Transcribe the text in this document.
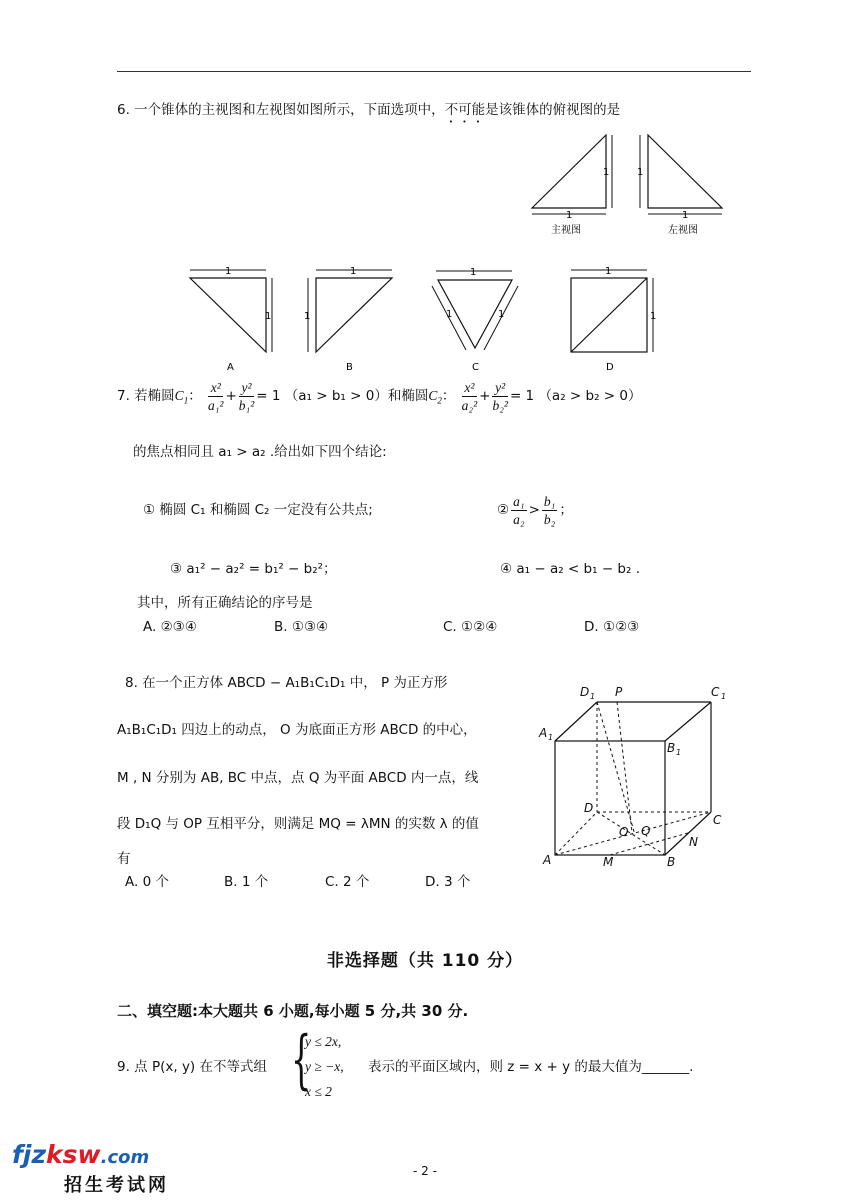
6. 一个锥体的主视图和左视图如图所示，下面选项中，不可能是该锥体的俯视图的是
1
1
主视图
1
1
左视图
1
1
A
1
1
B
1
1	1
C
1
1
D
7. 若椭圆$C_1$： $\frac{\text{x²}}{\text{a₁²}} + \frac{\text{y²}}{\text{b₁²}} = 1$ （a₁ > b₁ > 0）和椭圆$C_2$： $\frac{\text{x²}}{\text{a₂²}} + \frac{\text{y²}}{\text{b₂²}} = 1$ （a₂ > b₂ > 0）
的焦点相同且 a₁ > a₂ .给出如下四个结论:
① 椭圆 C₁ 和椭圆 C₂ 一定没有公共点;	② $\frac{\text{a₁}}{\text{a₂}} > \frac{\text{b₁}}{\text{b₂}}$ ；
③ a₁² − a₂² = b₁² − b₂²；	④ a₁ − a₂ < b₁ − b₂ .
其中，所有正确结论的序号是
A. ②③④	B. ①③④	C. ①②④	D. ①②③
8. 在一个正方体 ABCD − A₁B₁C₁D₁ 中， P 为正方形
A₁B₁C₁D₁ 四边上的动点， O 为底面正方形 ABCD 的中心，
M , N 分别为 AB, BC 中点，点 Q 为平面 ABCD 内一点，线
段 D₁Q 与 OP 互相平分，则满足 MQ = λMN 的实数 λ 的值
有
A. 0 个	B. 1 个	C. 2 个	D. 3 个
D 1 P	C 1
A 1
B 1
D
C
O Q
N
A	M	B
非选择题（共 110 分）
二、填空题:本大题共 6 小题,每小题 5 分,共 30 分.
9. 点 P(x, y) 在不等式组 {
y ≤ 2x,
y ≥ −x,
x ≤ 2
表示的平面区域内，则 z = x + y 的最大值为_______.
- 2 -
fjzksw.com
招生考试网
